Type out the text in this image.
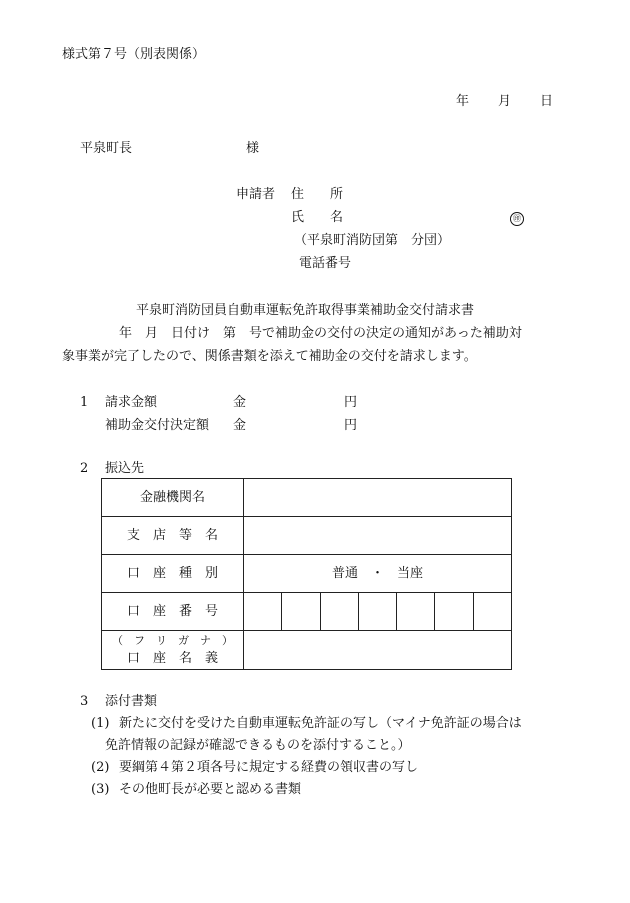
様式第７号（別表関係）
年 月 日
平泉町長	様
申請者 住　　所
氏　　名	㊞
（平泉町消防団第　分団）
電話番号
平泉町消防団員自動車運転免許取得事業補助金交付請求書
年　月　日付け　第　号で補助金の交付の決定の通知があった補助対
象事業が完了したので、関係書類を添えて補助金の交付を請求します。
1 請求金額	金	円
補助金交付決定額 金	円
2 振込先
金融機関名							
支　店　等　名							
口　座　種　別	普通　・　当座						
口　座　番　号							

（　フ　リ　ガ　ナ　）
口　座　名　義							

3 添付書類
(1) 新たに交付を受けた自動車運転免許証の写し（マイナ免許証の場合は
免許情報の記録が確認できるものを添付すること。）
(2) 要綱第４第２項各号に規定する経費の領収書の写し
(3) その他町長が必要と認める書類
